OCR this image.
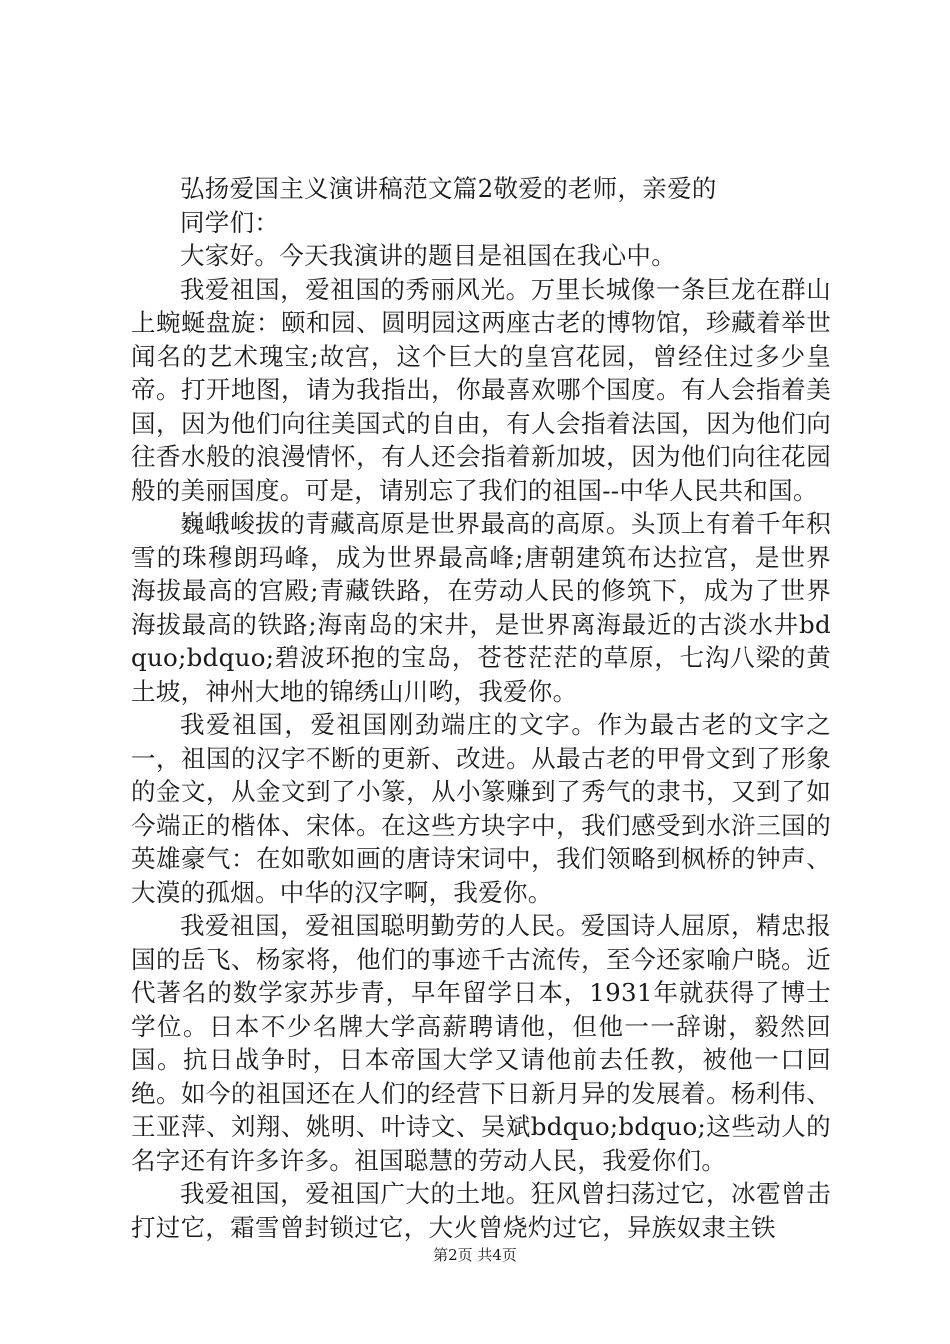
弘扬爱国主义演讲稿范文篇2敬爱的老师，亲爱的

同学们：

大家好。今天我演讲的题目是祖国在我心中。

我爱祖国，爱祖国的秀丽风光。万里长城像一条巨龙在群山上蜿蜒盘旋：颐和园、圆明园这两座古老的博物馆，珍藏着举世闻名的艺术瑰宝;故宫，这个巨大的皇宫花园，曾经住过多少皇帝。打开地图，请为我指出，你最喜欢哪个国度。有人会指着美国，因为他们向往美国式的自由，有人会指着法国，因为他们向往香水般的浪漫情怀，有人还会指着新加坡，因为他们向往花园般的美丽国度。可是，请别忘了我们的祖国--中华人民共和国。

巍峨峻拔的青藏高原是世界最高的高原。头顶上有着千年积雪的珠穆朗玛峰，成为世界最高峰;唐朝建筑布达拉宫，是世界海拔最高的宫殿;青藏铁路，在劳动人民的修筑下，成为了世界海拔最高的铁路;海南岛的宋井，是世界离海最近的古淡水井bdquo;bdquo;碧波环抱的宝岛，苍苍茫茫的草原，七沟八梁的黄土坡，神州大地的锦绣山川哟，我爱你。

我爱祖国，爱祖国刚劲端庄的文字。作为最古老的文字之一，祖国的汉字不断的更新、改进。从最古老的甲骨文到了形象的金文，从金文到了小篆，从小篆赚到了秀气的隶书，又到了如今端正的楷体、宋体。在这些方块字中，我们感受到水浒三国的英雄豪气：在如歌如画的唐诗宋词中，我们领略到枫桥的钟声、大漠的孤烟。中华的汉字啊，我爱你。

我爱祖国，爱祖国聪明勤劳的人民。爱国诗人屈原，精忠报国的岳飞、杨家将，他们的事迹千古流传，至今还家喻户晓。近代著名的数学家苏步青，早年留学日本，1931年就获得了博士学位。日本不少名牌大学高薪聘请他，但他一一辞谢，毅然回国。抗日战争时，日本帝国大学又请他前去任教，被他一口回绝。如今的祖国还在人们的经营下日新月异的发展着。杨利伟、王亚萍、刘翔、姚明、叶诗文、吴斌bdquo;bdquo;这些动人的名字还有许多许多。祖国聪慧的劳动人民，我爱你们。

我爱祖国，爱祖国广大的土地。狂风曾扫荡过它，冰雹曾击打过它，霜雪曾封锁过它，大火曾烧灼过它，异族奴隶主铁

第2页 共4页
